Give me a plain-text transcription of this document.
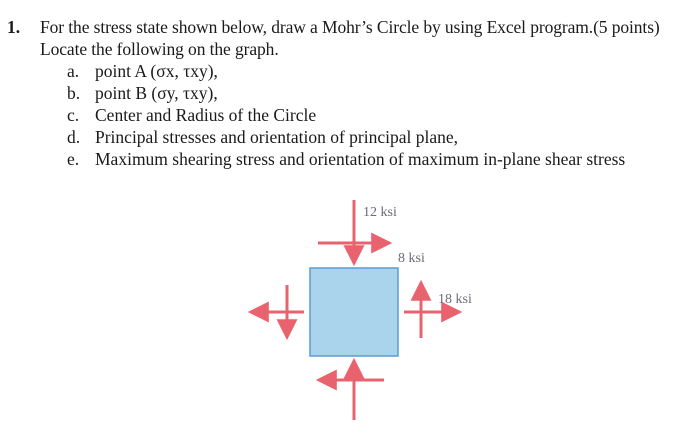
1. For the stress state shown below, draw a Mohr’s Circle by using Excel program.(5 points)
Locate the following on the graph.
a. point A (σx, τxy),
b. point B (σy, τxy),
c. Center and Radius of the Circle
d. Principal stresses and orientation of principal plane,
e. Maximum shearing stress and orientation of maximum in-plane shear stress
12 ksi
8 ksi
18 ksi
